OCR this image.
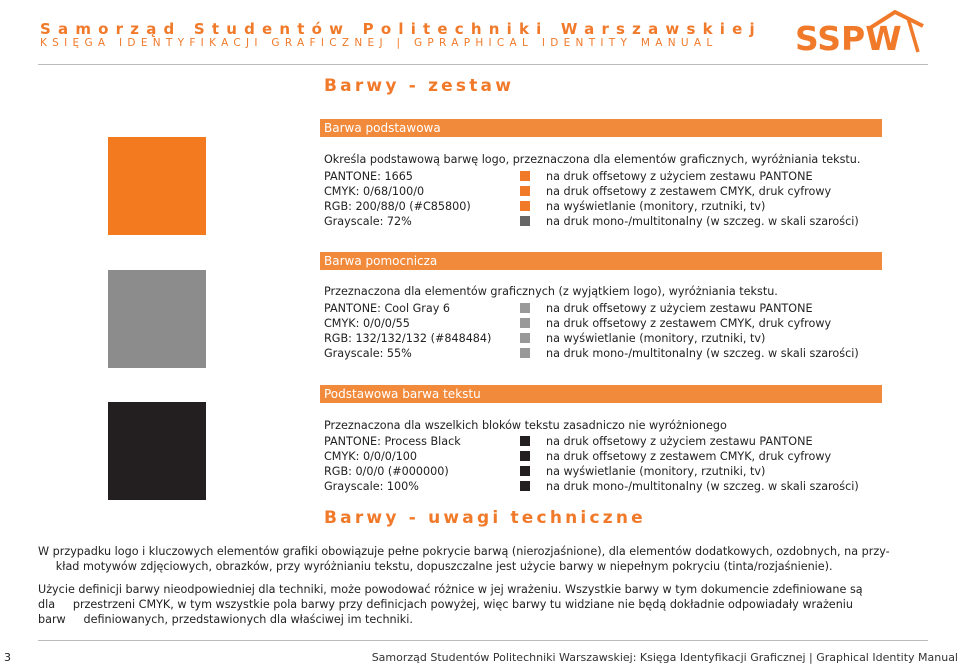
Samorząd Studentów Politechniki Warszawskiej
KSIĘGA IDENTYFIKACJI GRAFICZNEJ | GPRAPHICAL IDENTITY MANUAL SSPW
Barwy - zestaw
Barwa podstawowa
Określa podstawową barwę logo, przeznaczona dla elementów graficznych, wyróżniania tekstu.
PANTONE: 1665	na druk offsetowy z użyciem zestawu PANTONE
CMYK: 0/68/100/0	na druk offsetowy z zestawem CMYK, druk cyfrowy
RGB: 200/88/0 (#C85800)	na wyświetlanie (monitory, rzutniki, tv)
Grayscale: 72%	na druk mono-/multitonalny (w szczeg. w skali szarości)
Barwa pomocnicza
Przeznaczona dla elementów graficznych (z wyjątkiem logo), wyróżniania tekstu.
PANTONE: Cool Gray 6	na druk offsetowy z użyciem zestawu PANTONE
CMYK: 0/0/0/55	na druk offsetowy z zestawem CMYK, druk cyfrowy
RGB: 132/132/132 (#848484)	na wyświetlanie (monitory, rzutniki, tv)
Grayscale: 55%	na druk mono-/multitonalny (w szczeg. w skali szarości)
Podstawowa barwa tekstu
Przeznaczona dla wszelkich bloków tekstu zasadniczo nie wyróżnionego
PANTONE: Process Black	na druk offsetowy z użyciem zestawu PANTONE
CMYK: 0/0/0/100	na druk offsetowy z zestawem CMYK, druk cyfrowy
RGB: 0/0/0 (#000000)	na wyświetlanie (monitory, rzutniki, tv)
Grayscale: 100%	na druk mono-/multitonalny (w szczeg. w skali szarości)
Barwy - uwagi techniczne

W przypadku logo i kluczowych elementów grafiki obowiązuje pełne pokrycie barwą (nierozjaśnione), dla elementów dodatkowych, ozdobnych, na przy-     kład motywów zdjęciowych, obrazków, przy wyróżnianiu tekstu, dopuszczalne jest użycie barwy w niepełnym pokryciu (tinta/rozjaśnienie).

Użycie definicji barwy nieodpowiedniej dla techniki, może powodować różnice w jej wrażeniu. Wszystkie barwy w tym dokumencie zdefiniowane są dla     przestrzeni CMYK, w tym wszystkie pola barwy przy definicjach powyżej, więc barwy tu widziane nie będą dokładnie odpowiadały wrażeniu barw     definiowanych, przedstawionych dla właściwej im techniki.

3	Samorząd Studentów Politechniki Warszawskiej: Księga Identyfikacji Graficznej | Graphical Identity Manual
